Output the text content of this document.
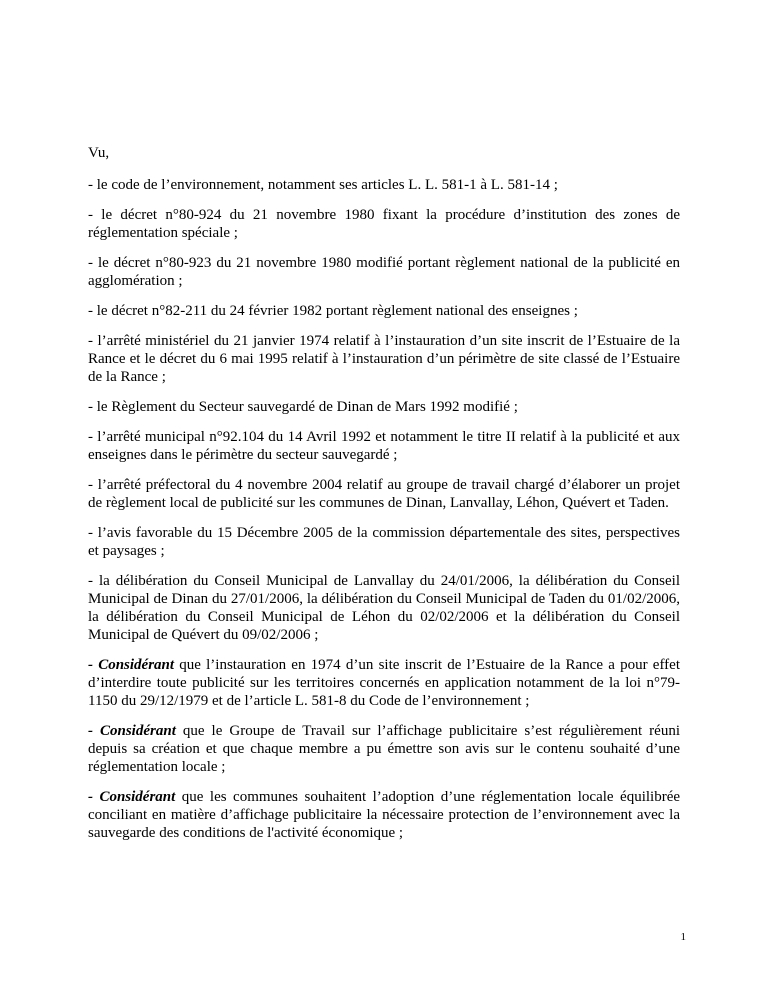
Vu,

- le code de l’environnement, notamment ses articles L. L. 581-1 à L. 581-14 ;

- le décret n°80-924 du 21 novembre 1980 fixant la procédure d’institution des zones de réglementation spéciale ;

- le décret n°80-923 du 21 novembre 1980 modifié portant règlement national de la publicité en agglomération ;

- le décret n°82-211 du 24 février 1982 portant règlement national des enseignes ;

- l’arrêté ministériel du 21 janvier 1974 relatif à l’instauration d’un site inscrit de l’Estuaire de la Rance et le décret du 6 mai 1995 relatif à l’instauration d’un périmètre de site classé de l’Estuaire de la Rance ;

- le Règlement du Secteur sauvegardé de Dinan de Mars 1992 modifié ;

- l’arrêté municipal n°92.104 du 14 Avril 1992 et notamment le titre II relatif à la publicité et aux enseignes dans le périmètre du secteur sauvegardé ;

- l’arrêté préfectoral du 4 novembre 2004 relatif au groupe de travail chargé d’élaborer un projet de règlement local de publicité sur les communes de Dinan, Lanvallay, Léhon, Quévert et Taden.

- l’avis favorable du 15 Décembre 2005 de la commission départementale des sites, perspectives et paysages ;

- la délibération du Conseil Municipal de Lanvallay du 24/01/2006, la délibération du Conseil Municipal de Dinan du 27/01/2006, la délibération du Conseil Municipal de Taden du 01/02/2006, la délibération du Conseil Municipal de Léhon du 02/02/2006 et la délibération du Conseil Municipal de Quévert du 09/02/2006 ;

- Considérant que l’instauration en 1974 d’un site inscrit de l’Estuaire de la Rance a pour effet d’interdire toute publicité sur les territoires concernés en application notamment de la loi n°79-1150 du 29/12/1979 et de l’article L. 581-8 du Code de l’environnement ;

- Considérant que le Groupe de Travail sur l’affichage publicitaire s’est régulièrement réuni depuis sa création et que chaque membre a pu émettre son avis sur le contenu souhaité d’une réglementation locale ;

- Considérant que les communes souhaitent l’adoption d’une réglementation locale équilibrée conciliant en matière d’affichage publicitaire la nécessaire protection de l’environnement avec la sauvegarde des conditions de l'activité économique ;

1
